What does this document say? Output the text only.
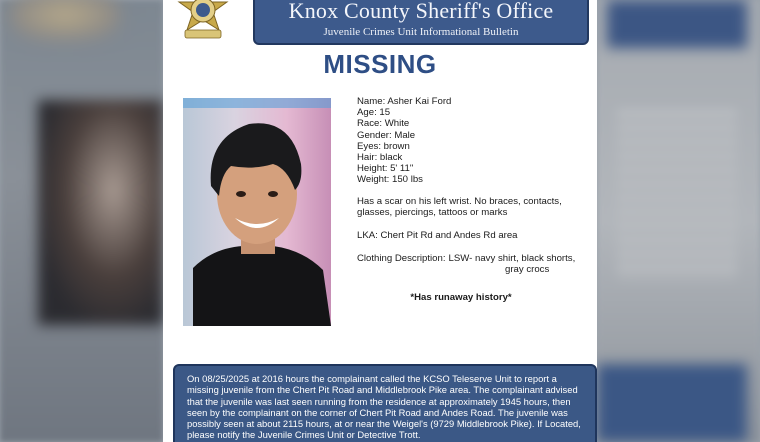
Knox County Sheriff's Office
Juvenile Crimes Unit Informational Bulletin
MISSING
Name: Asher Kai Ford
Age: 15
Race: White
Gender: Male
Eyes: brown
Hair: black
Height: 5' 11"
Weight: 150 lbs
Has a scar on his left wrist. No braces, contacts, glasses, piercings, tattoos or marks
LKA: Chert Pit Rd and Andes Rd area
Clothing Description: LSW- navy shirt, black shorts,
gray crocs
*Has runaway history*
On 08/25/2025 at 2016 hours the complainant called the KCSO Teleserve Unit to report a missing juvenile from the Chert Pit Road and Middlebrook Pike area. The complainant advised that the juvenile was last seen running from the residence at approximately 1945 hours, then seen by the complainant on the corner of Chert Pit Road and Andes Road. The juvenile was possibly seen at about 2115 hours, at or near the Weigel's (9729 Middlebrook Pike). If Located, please notify the Juvenile Crimes Unit or Detective Trott.
